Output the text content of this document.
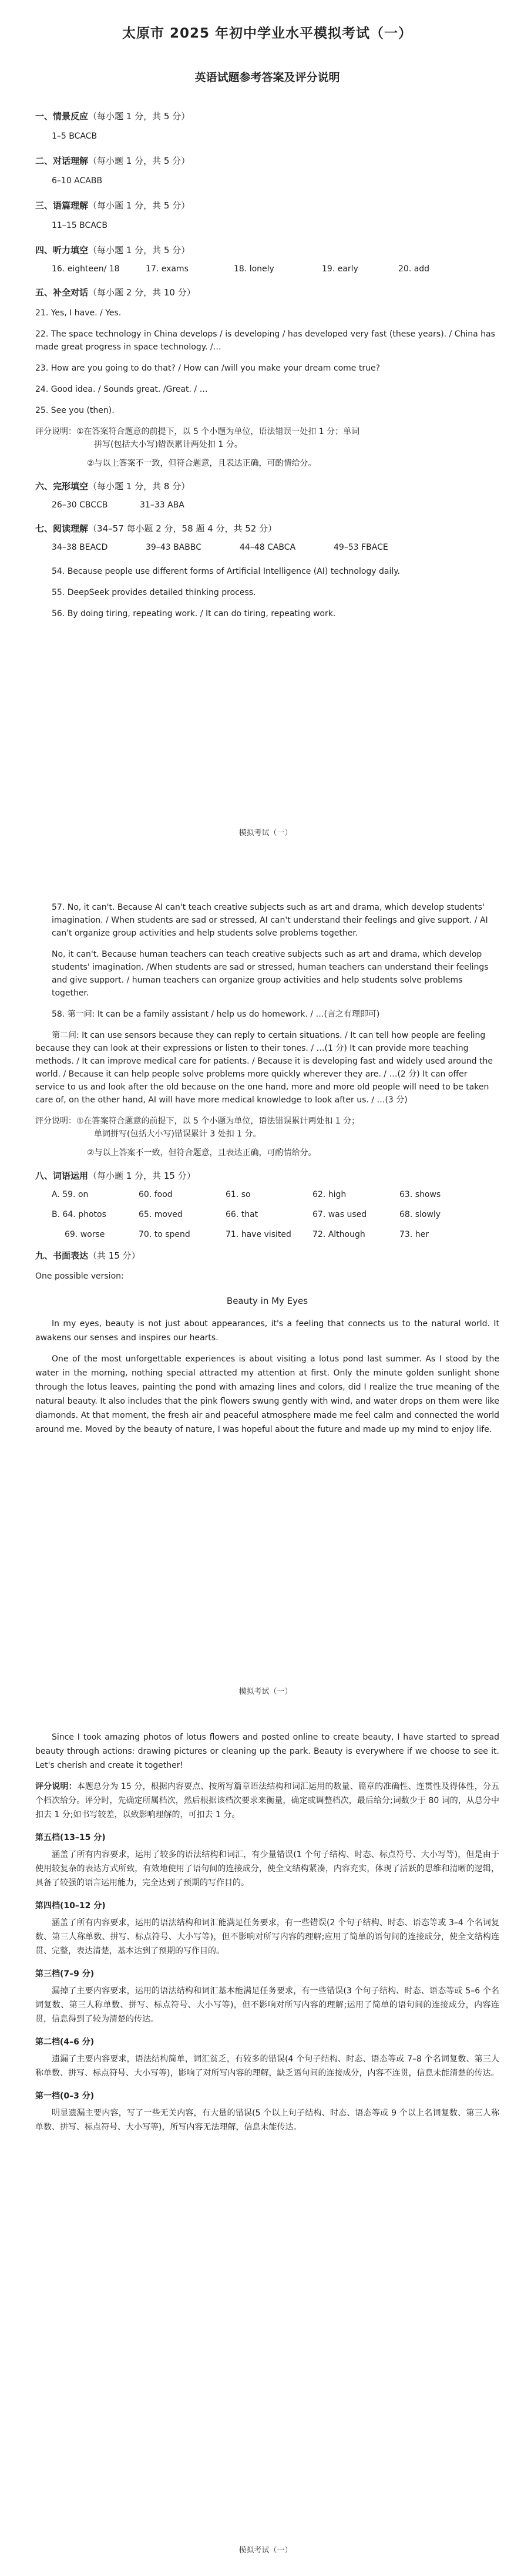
太原市 2025 年初中学业水平模拟考试（一）
英语试题参考答案及评分说明
一、情景反应（每小题 1 分，共 5 分）
1–5 BCACB
二、对话理解（每小题 1 分，共 5 分）
6–10 ACABB
三、语篇理解（每小题 1 分，共 5 分）
11–15 BCACB
四、听力填空（每小题 1 分，共 5 分）
16. eighteen/ 18	17. exams	18. lonely	19. early	20. add
五、补全对话（每小题 2 分，共 10 分）
21. Yes, I have. / Yes.
22. The space technology in China develops / is developing / has developed very fast (these years). / China has made great progress in space technology. /…
23. How are you going to do that? / How can /will you make your dream come true?
24. Good idea. / Sounds great. /Great. / …
25. See you (then).
评分说明：①在答案符合题意的前提下，以 5 个小题为单位，语法错误一处扣 1 分；单词
拼写(包括大小写)错误累计两处扣 1 分。
②与以上答案不一致，但符合题意，且表达正确，可酌情给分。
六、完形填空（每小题 1 分，共 8 分）
26–30 CBCCB	31–33 ABA
七、阅读理解（34–57 每小题 2 分，58 题 4 分，共 52 分）
34–38 BEACD	39–43 BABBC	44–48 CABCA	49–53 FBACE
54. Because people use different forms of Artificial Intelligence (AI) technology daily.
55. DeepSeek provides detailed thinking process.
56. By doing tiring, repeating work. / It can do tiring, repeating work.
模拟考试（一）
57. No, it can't. Because AI can't teach creative subjects such as art and drama, which develop students' imagination. / When students are sad or stressed, AI can't understand their feelings and give support. / AI can't organize group activities and help students solve problems together.
No, it can't. Because human teachers can teach creative subjects such as art and drama, which develop students' imagination. /When students are sad or stressed, human teachers can understand their feelings and give support. / human teachers can organize group activities and help students solve problems together.
58. 第一问: It can be a family assistant / help us do homework. / …(言之有理即可)
第二问: It can use sensors because they can reply to certain situations. / It can tell how people are feeling because they can look at their expressions or listen to their tones. / …(1 分) It can provide more teaching methods. / It can improve medical care for patients. / Because it is developing fast and widely used around the world. / Because it can help people solve problems more quickly wherever they are. / …(2 分) It can offer service to us and look after the old because on the one hand, more and more old people will need to be taken care of, on the other hand, AI will have more medical knowledge to look after us. / …(3 分)
评分说明：①在答案符合题意的前提下，以 5 个小题为单位，语法错误累计两处扣 1 分；
单词拼写(包括大小写)错误累计 3 处扣 1 分。
②与以上答案不一致，但符合题意，且表达正确，可酌情给分。
八、词语运用（每小题 1 分，共 15 分）
A. 59. on	60. food	61. so	62. high	63. shows
B. 64. photos	65. moved	66. that	67. was used	68. slowly
69. worse	70. to spend	71. have visited	72. Although	73. her
九、书面表达（共 15 分）
One possible version:
Beauty in My Eyes
In my eyes, beauty is not just about appearances, it's a feeling that connects us to the natural world. It awakens our senses and inspires our hearts.
One of the most unforgettable experiences is about visiting a lotus pond last summer. As I stood by the water in the morning, nothing special attracted my attention at first. Only the minute golden sunlight shone through the lotus leaves, painting the pond with amazing lines and colors, did I realize the true meaning of the natural beauty. It also includes that the pink flowers swung gently with wind, and water drops on them were like diamonds. At that moment, the fresh air and peaceful atmosphere made me feel calm and connected the world around me. Moved by the beauty of nature, I was hopeful about the future and made up my mind to enjoy life.
模拟考试（一）
Since I took amazing photos of lotus flowers and posted online to create beauty, I have started to spread beauty through actions: drawing pictures or cleaning up the park. Beauty is everywhere if we choose to see it. Let's cherish and create it together!
评分说明：本题总分为 15 分，根据内容要点、按所写篇章语法结构和词汇运用的数量、篇章的准确性、连贯性及得体性，分五个档次给分。评分时，先确定所属档次，然后根据该档次要求来衡量，确定或调整档次，最后给分;词数少于 80 词的，从总分中扣去 1 分;如书写较差，以致影响理解的，可扣去 1 分。
第五档(13–15 分)
涵盖了所有内容要求，运用了较多的语法结构和词汇，有少量错误(1 个句子结构、时态、标点符号、大小写等)，但是由于使用较复杂的表达方式所致，有效地使用了语句间的连接成分，使全文结构紧凑，内容充实，体现了活跃的思维和清晰的逻辑，具备了较强的语言运用能力，完全达到了预期的写作目的。
第四档(10–12 分)
涵盖了所有内容要求，运用的语法结构和词汇能满足任务要求，有一些错误(2 个句子结构、时态、语态等或 3–4 个名词复数、第三人称单数、拼写、标点符号、大小写等)，但不影响对所写内容的理解;应用了简单的语句间的连接成分，使全文结构连贯、完整，表达清楚，基本达到了预期的写作目的。
第三档(7–9 分)
漏掉了主要内容要求，运用的语法结构和词汇基本能满足任务要求，有一些错误(3 个句子结构、时态、语态等或 5–6 个名词复数、第三人称单数、拼写、标点符号、大小写等)，但不影响对所写内容的理解;运用了简单的语句间的连接成分，内容连贯，信息得到了较为清楚的传达。
第二档(4–6 分)
遗漏了主要内容要求，语法结构简单，词汇贫乏，有较多的错误(4 个句子结构、时态、语态等或 7–8 个名词复数、第三人称单数、拼写、标点符号、大小写等)，影响了对所写内容的理解，缺乏语句间的连接成分，内容不连贯，信息未能清楚的传达。
第一档(0–3 分)
明显遗漏主要内容，写了一些无关内容，有大量的错误(5 个以上句子结构、时态、语态等或 9 个以上名词复数、第三人称单数、拼写、标点符号、大小写等)，所写内容无法理解，信息未能传达。
模拟考试（一）
